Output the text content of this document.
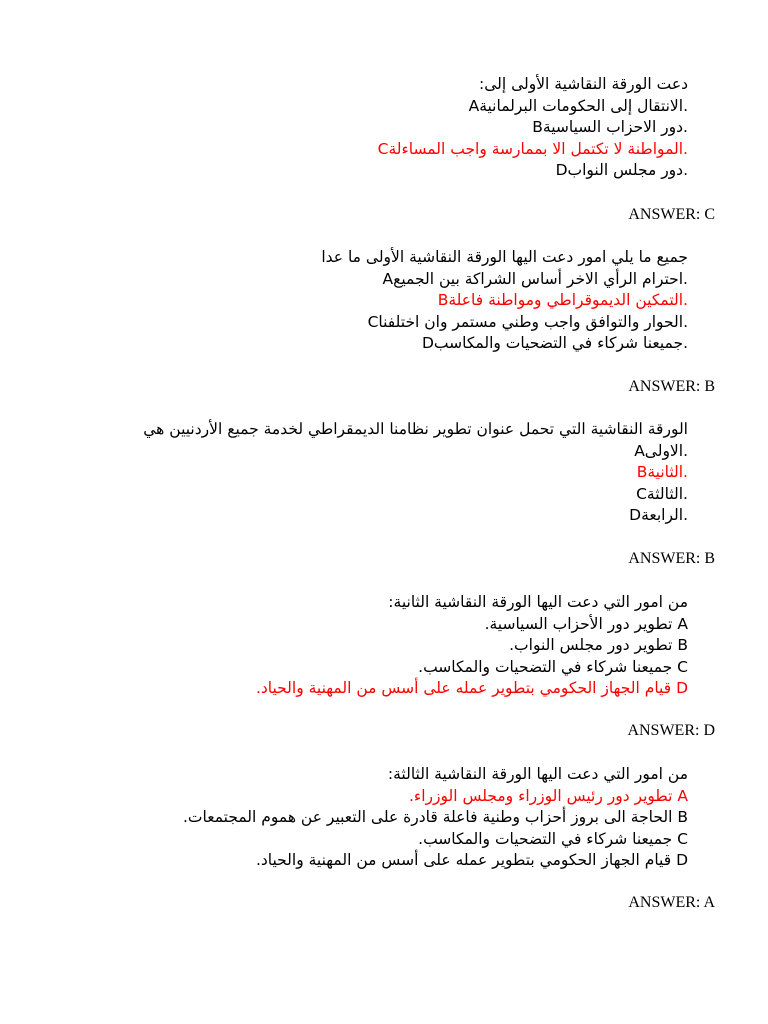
دعت الورقة النقاشية الأولى إلى:
.الانتقال إلى الحكومات البرلمانيةA
.دور الاحزاب السياسيةB
.المواطنة لا تكتمل الا بممارسة واجب المساءلةC
.دور مجلس النوابD
ANSWER: C
جميع ما يلي امور دعت اليها الورقة النقاشية الأولى ما عدا
.احترام الرأي الاخر أساس الشراكة بين الجميعA
.التمكين الديموقراطي ومواطنة فاعلةB
.الحوار والتوافق واجب وطني مستمر وان اختلفناC
.جميعنا شركاء في التضحيات والمكاسبD
ANSWER: B
الورقة النقاشية التي تحمل عنوان تطوير نظامنا الديمقراطي لخدمة جميع الأردنيين هي
.الاولىA
.الثانيةB
.الثالثةC
.الرابعةD
ANSWER: B
من امور التي دعت اليها الورقة النقاشية الثانية:
A تطوير دور الأحزاب السياسية.
B تطوير دور مجلس النواب.
C جميعنا شركاء في التضحيات والمكاسب.
D قيام الجهاز الحكومي بتطوير عمله على أسس من المهنية والحياد.
ANSWER: D
من امور التي دعت اليها الورقة النقاشية الثالثة:
A تطوير دور رئيس الوزراء ومجلس الوزراء.
B الحاجة الى بروز أحزاب وطنية فاعلة قادرة على التعبير عن هموم المجتمعات.
C جميعنا شركاء في التضحيات والمكاسب.
D قيام الجهاز الحكومي بتطوير عمله على أسس من المهنية والحياد.
ANSWER: A
